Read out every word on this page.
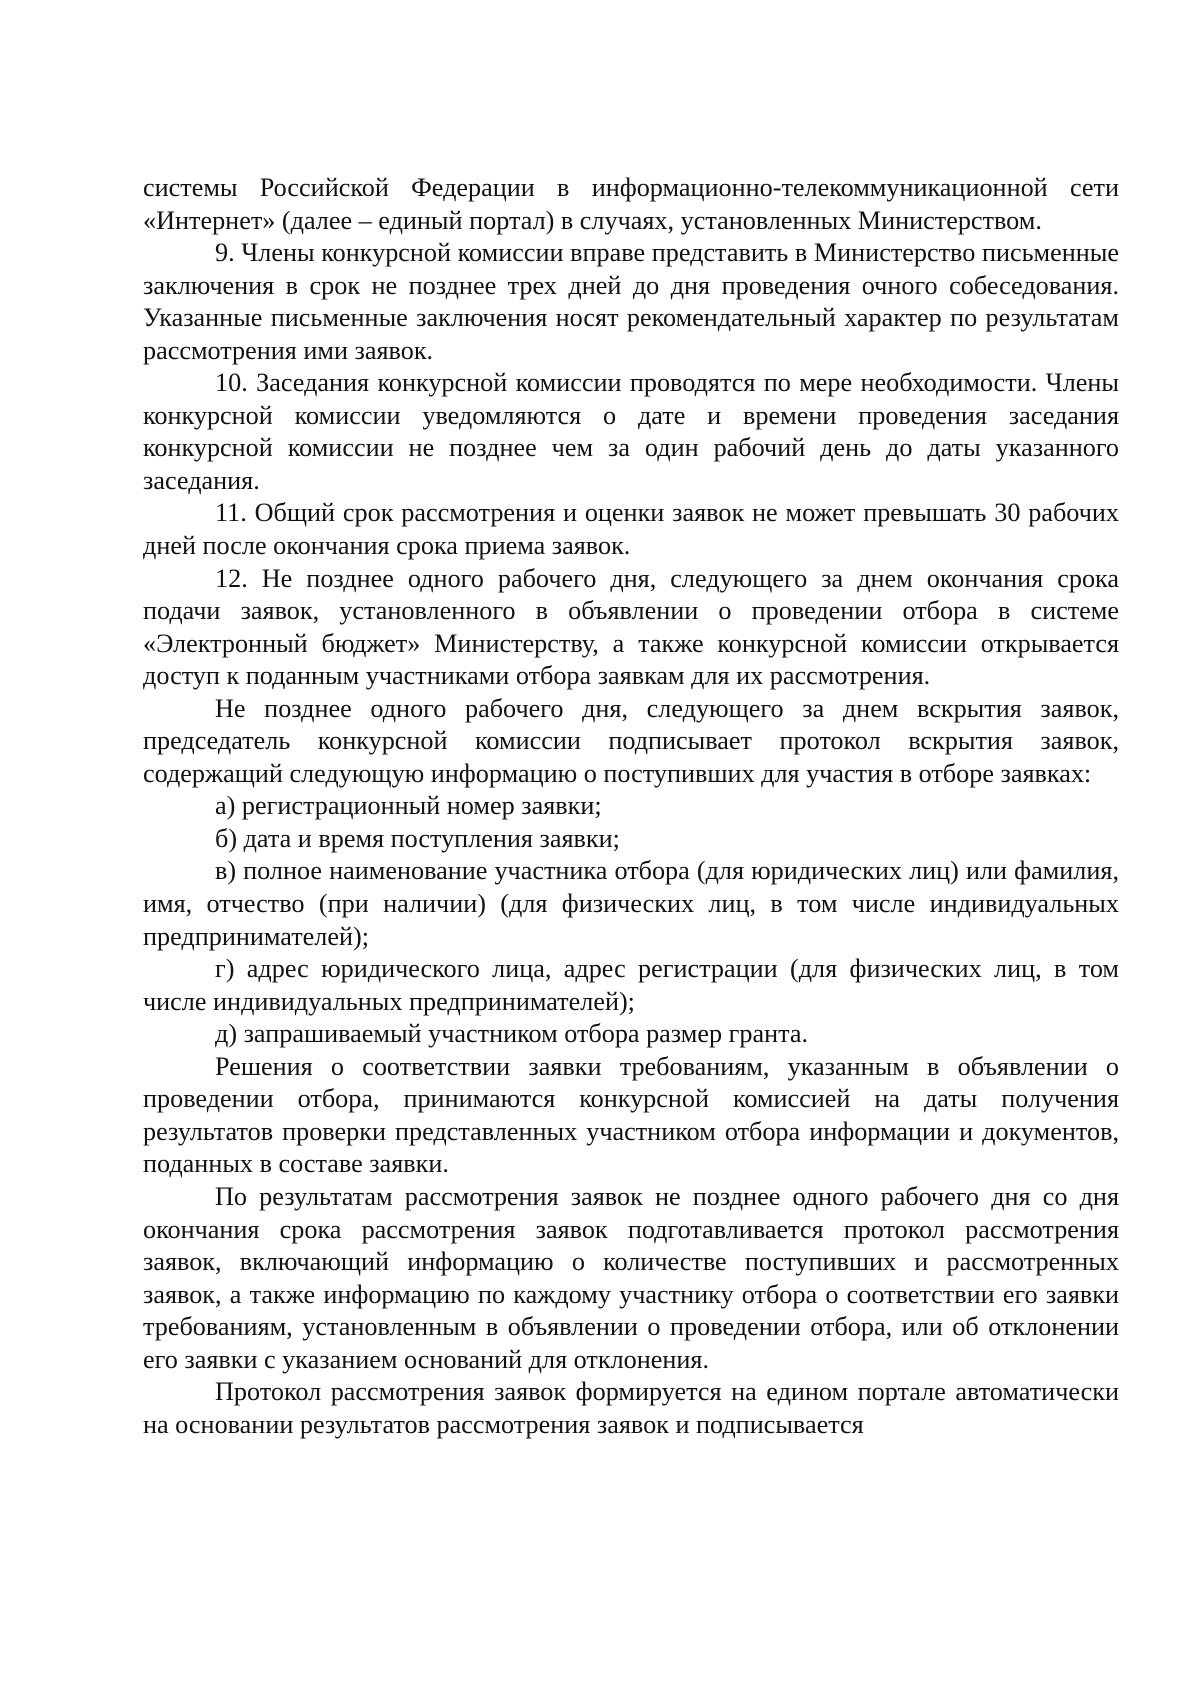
системы Российской Федерации в информационно-телекоммуникационной сети «Интернет» (далее – единый портал) в случаях, установленных Министерством.

9. Члены конкурсной комиссии вправе представить в Министерство письменные заключения в срок не позднее трех дней до дня проведения очного собеседования. Указанные письменные заключения носят рекомендательный характер по результатам рассмотрения ими заявок.

10. Заседания конкурсной комиссии проводятся по мере необходимости. Члены конкурсной комиссии уведомляются о дате и времени проведения заседания конкурсной комиссии не позднее чем за один рабочий день до даты указанного заседания.

11. Общий срок рассмотрения и оценки заявок не может превышать 30 рабочих дней после окончания срока приема заявок.

12. Не позднее одного рабочего дня, следующего за днем окончания срока подачи заявок, установленного в объявлении о проведении отбора в системе «Электронный бюджет» Министерству, а также конкурсной комиссии открывается доступ к поданным участниками отбора заявкам для их рассмотрения.

Не позднее одного рабочего дня, следующего за днем вскрытия заявок, председатель конкурсной комиссии подписывает протокол вскрытия заявок, содержащий следующую информацию о поступивших для участия в отборе заявках:

а) регистрационный номер заявки;

б) дата и время поступления заявки;

в) полное наименование участника отбора (для юридических лиц) или фамилия, имя, отчество (при наличии) (для физических лиц, в том числе индивидуальных предпринимателей);

г) адрес юридического лица, адрес регистрации (для физических лиц, в том числе индивидуальных предпринимателей);

д) запрашиваемый участником отбора размер гранта.

Решения о соответствии заявки требованиям, указанным в объявлении о проведении отбора, принимаются конкурсной комиссией на даты получения результатов проверки представленных участником отбора информации и документов, поданных в составе заявки.

По результатам рассмотрения заявок не позднее одного рабочего дня со дня окончания срока рассмотрения заявок подготавливается протокол рассмотрения заявок, включающий информацию о количестве поступивших и рассмотренных заявок, а также информацию по каждому участнику отбора о соответствии его заявки требованиям, установленным в объявлении о проведении отбора, или об отклонении его заявки с указанием оснований для отклонения.

Протокол рассмотрения заявок формируется на едином портале автоматически на основании результатов рассмотрения заявок и подписывается
